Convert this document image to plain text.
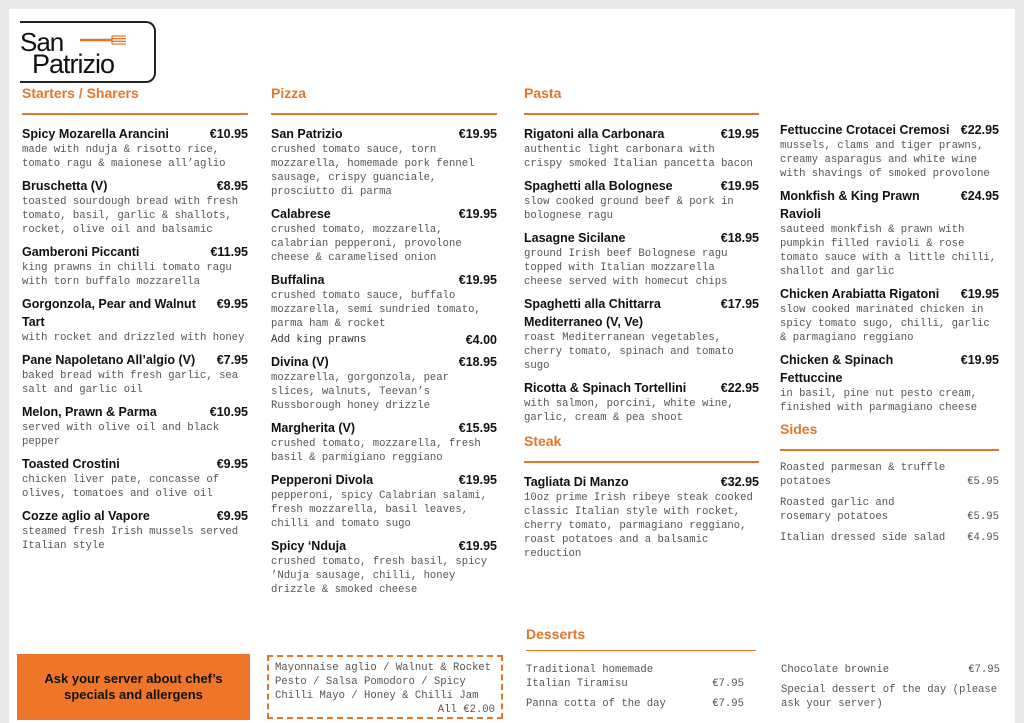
San
Patrizio
Starters / Sharers
Spicy Mozarella Arancini	€10.95
made with nduja & risotto rice, tomato ragu & maionese all’aglio
Bruschetta (V)	€8.95
toasted sourdough bread with fresh tomato, basil, garlic & shallots, rocket, olive oil and balsamic
Gamberoni Piccanti	€11.95
king prawns in chilli tomato ragu with torn buffalo mozzarella
Gorgonzola, Pear and Walnut Tart
€9.95
with rocket and drizzled with honey
Pane Napoletano All’algio (V)	€7.95
baked bread with fresh garlic, sea salt and garlic oil
Melon, Prawn & Parma	€10.95
served with olive oil and black pepper
Toasted Crostini	€9.95
chicken liver pate, concasse of olives, tomatoes and olive oil
Cozze aglio al Vapore	€9.95
steamed fresh Irish mussels served Italian style
Pizza
San Patrizio	€19.95
crushed tomato sauce, torn mozzarella, homemade pork fennel sausage, crispy guanciale, prosciutto di parma
Calabrese	€19.95
crushed tomato, mozzarella, calabrian pepperoni, provolone cheese & caramelised onion
Buffalina	€19.95
crushed tomato sauce, buffalo mozzarella, semi sundried tomato, parma ham & rocket
Add king prawns	€4.00
Divina (V)	€18.95
mozzarella, gorgonzola, pear slices, walnuts, Teevan’s Russborough honey drizzle
Margherita (V)	€15.95
crushed tomato, mozzarella, fresh basil & parmigiano reggiano
Pepperoni Divola	€19.95
pepperoni, spicy Calabrian salami, fresh mozzarella, basil leaves, chilli and tomato sugo
Spicy ‘Nduja	€19.95
crushed tomato, fresh basil, spicy ’Nduja sausage, chilli, honey drizzle & smoked cheese
Pasta
Rigatoni alla Carbonara	€19.95
authentic light carbonara with crispy smoked Italian pancetta bacon
Spaghetti alla Bolognese	€19.95
slow cooked ground beef & pork in bolognese ragu
Lasagne Sicilane	€18.95
ground Irish beef Bolognese ragu topped with Italian mozzarella cheese served with homecut chips
Spaghetti alla Chittarra Mediterraneo (V, Ve)
€17.95
roast Mediterranean vegetables, cherry tomato, spinach and tomato sugo
Ricotta & Spinach Tortellini	€22.95
with salmon, porcini, white wine, garlic, cream & pea shoot
Steak
Tagliata Di Manzo	€32.95
10oz prime Irish ribeye steak cooked classic Italian style with rocket, cherry tomato, parmagiano reggiano, roast potatoes and a balsamic reduction
Fettuccine Crotacei Cremosi €22.95
mussels, clams and tiger prawns, creamy asparagus and white wine with shavings of smoked provolone
Monkfish & King Prawn Ravioli
€24.95
sauteed monkfish & prawn with pumpkin filled ravioli & rose tomato sauce with a little chilli, shallot and garlic
Chicken Arabiatta Rigatoni	€19.95
slow cooked marinated chicken in spicy tomato sugo, chilli, garlic & parmagiano reggiano
Chicken & Spinach Fettuccine
€19.95
in basil, pine nut pesto cream, finished with parmagiano cheese
Sides
Roasted parmesan & truffle potatoes	€5.95
Roasted garlic and rosemary potatoes	€5.95
Italian dressed side salad	€4.95
Desserts
Traditional homemade Italian Tiramisu	€7.95
Panna cotta of the day	€7.95
Chocolate brownie	€7.95
Special dessert of the day (please ask your server)
Ask your server about chef’s specials and allergens
Mayonnaise aglio / Walnut & Rocket Pesto / Salsa Pomodoro / Spicy Chilli Mayo / Honey & Chilli Jam
All €2.00
